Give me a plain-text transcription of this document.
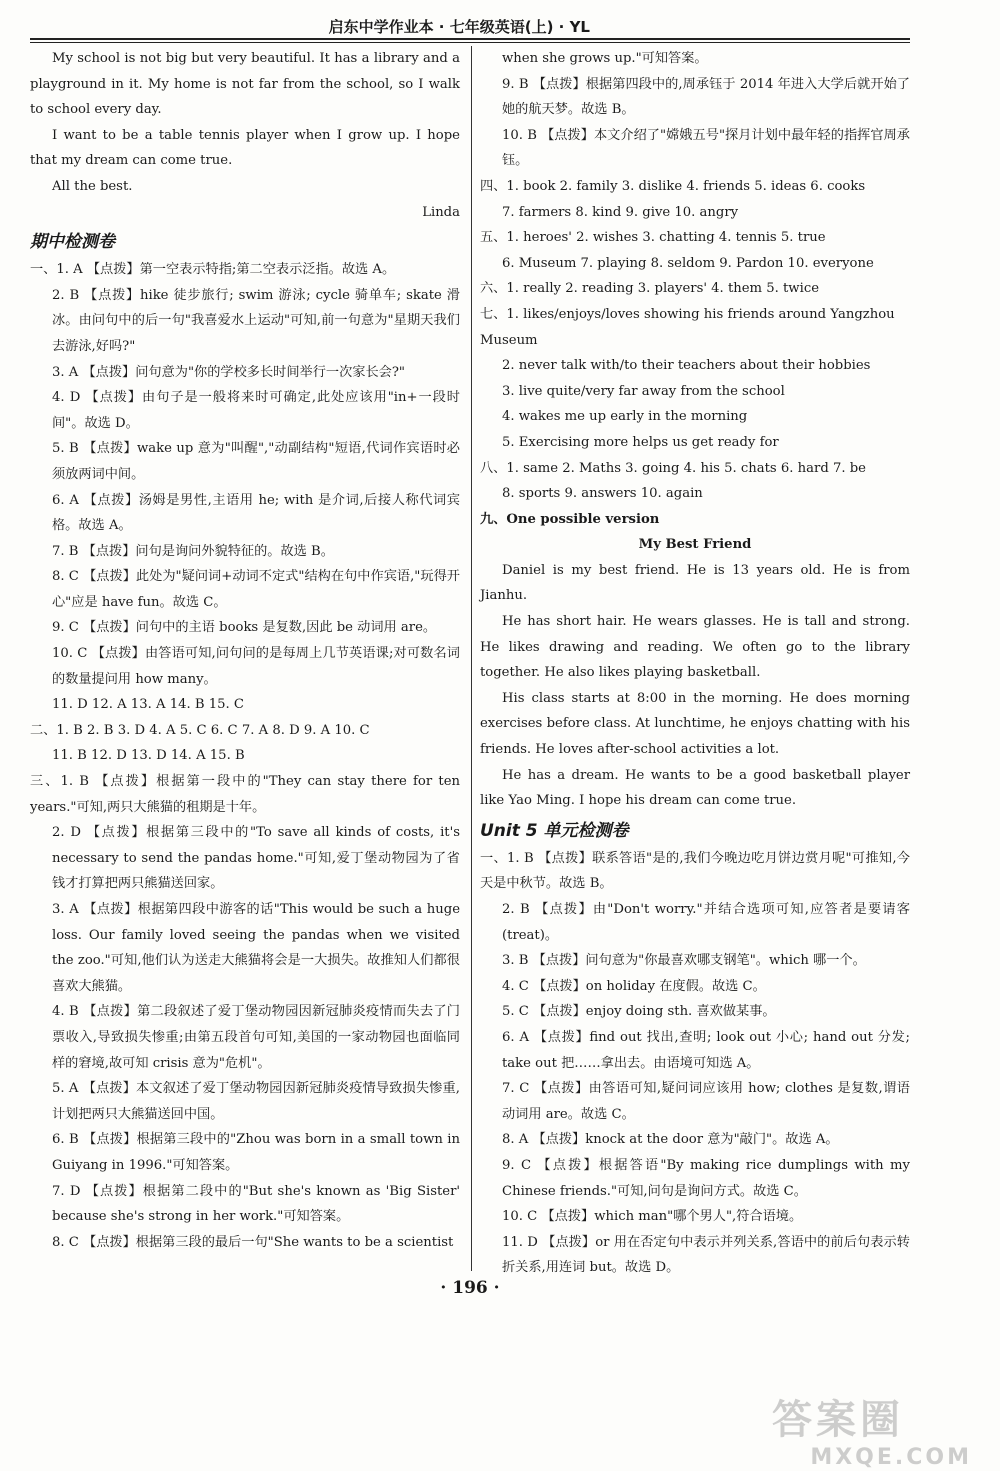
启东中学作业本 · 七年级英语(上) · YL

My school is not big but very beautiful. It has a library and a playground in it. My home is not far from the school, so I walk to school every day.

I want to be a table tennis player when I grow up. I hope that my dream can come true.

All the best.

Linda

期中检测卷

一、1. A 【点拨】第一空表示特指;第二空表示泛指。故选 A。

2. B 【点拨】hike 徒步旅行; swim 游泳; cycle 骑单车; skate 滑冰。由问句中的后一句"我喜爱水上运动"可知,前一句意为"星期天我们去游泳,好吗?"

3. A 【点拨】问句意为"你的学校多长时间举行一次家长会?"

4. D 【点拨】由句子是一般将来时可确定,此处应该用"in+一段时间"。故选 D。

5. B 【点拨】wake up 意为"叫醒","动副结构"短语,代词作宾语时必须放两词中间。

6. A 【点拨】汤姆是男性,主语用 he; with 是介词,后接人称代词宾格。故选 A。

7. B 【点拨】问句是询问外貌特征的。故选 B。

8. C 【点拨】此处为"疑问词+动词不定式"结构在句中作宾语,"玩得开心"应是 have fun。故选 C。

9. C 【点拨】问句中的主语 books 是复数,因此 be 动词用 are。

10. C 【点拨】由答语可知,问句问的是每周上几节英语课;对可数名词的数量提问用 how many。

11. D 12. A 13. A 14. B 15. C

二、1. B 2. B 3. D 4. A 5. C 6. C 7. A 8. D 9. A 10. C

11. B 12. D 13. D 14. A 15. B

三、1. B 【点拨】根据第一段中的"They can stay there for ten years."可知,两只大熊猫的租期是十年。

2. D 【点拨】根据第三段中的"To save all kinds of costs, it's necessary to send the pandas home."可知,爱丁堡动物园为了省钱才打算把两只熊猫送回家。

3. A 【点拨】根据第四段中游客的话"This would be such a huge loss. Our family loved seeing the pandas when we visited the zoo."可知,他们认为送走大熊猫将会是一大损失。故推知人们都很喜欢大熊猫。

4. B 【点拨】第二段叙述了爱丁堡动物园因新冠肺炎疫情而失去了门票收入,导致损失惨重;由第五段首句可知,美国的一家动物园也面临同样的窘境,故可知 crisis 意为"危机"。

5. A 【点拨】本文叙述了爱丁堡动物园因新冠肺炎疫情导致损失惨重,计划把两只大熊猫送回中国。

6. B 【点拨】根据第三段中的"Zhou was born in a small town in Guiyang in 1996."可知答案。

7. D 【点拨】根据第二段中的"But she's known as 'Big Sister' because she's strong in her work."可知答案。

8. C 【点拨】根据第三段的最后一句"She wants to be a scientist

when she grows up."可知答案。

9. B 【点拨】根据第四段中的,周承钰于 2014 年进入大学后就开始了她的航天梦。故选 B。

10. B 【点拨】本文介绍了"嫦娥五号"探月计划中最年轻的指挥官周承钰。

四、1. book 2. family 3. dislike 4. friends 5. ideas 6. cooks

7. farmers 8. kind 9. give 10. angry

五、1. heroes' 2. wishes 3. chatting 4. tennis 5. true

6. Museum 7. playing 8. seldom 9. Pardon 10. everyone

六、1. really 2. reading 3. players' 4. them 5. twice

七、1. likes/enjoys/loves showing his friends around Yangzhou Museum

2. never talk with/to their teachers about their hobbies

3. live quite/very far away from the school

4. wakes me up early in the morning

5. Exercising more helps us get ready for

八、1. same 2. Maths 3. going 4. his 5. chats 6. hard 7. be

8. sports 9. answers 10. again

九、One possible version

My Best Friend

Daniel is my best friend. He is 13 years old. He is from Jianhu.

He has short hair. He wears glasses. He is tall and strong. He likes drawing and reading. We often go to the library together. He also likes playing basketball.

His class starts at 8:00 in the morning. He does morning exercises before class. At lunchtime, he enjoys chatting with his friends. He loves after-school activities a lot.

He has a dream. He wants to be a good basketball player like Yao Ming. I hope his dream can come true.

Unit 5 单元检测卷

一、1. B 【点拨】联系答语"是的,我们今晚边吃月饼边赏月呢"可推知,今天是中秋节。故选 B。

2. B 【点拨】由"Don't worry."并结合选项可知,应答者是要请客(treat)。

3. B 【点拨】问句意为"你最喜欢哪支钢笔"。which 哪一个。

4. C 【点拨】on holiday 在度假。故选 C。

5. C 【点拨】enjoy doing sth. 喜欢做某事。

6. A 【点拨】find out 找出,查明; look out 小心; hand out 分发; take out 把……拿出去。由语境可知选 A。

7. C 【点拨】由答语可知,疑问词应该用 how; clothes 是复数,谓语动词用 are。故选 C。

8. A 【点拨】knock at the door 意为"敲门"。故选 A。

9. C 【点拨】根据答语"By making rice dumplings with my Chinese friends."可知,问句是询问方式。故选 C。

10. C 【点拨】which man"哪个男人",符合语境。

11. D 【点拨】or 用在否定句中表示并列关系,答语中的前后句表示转折关系,用连词 but。故选 D。

· 196 ·
答案圈
MXQE.COM
